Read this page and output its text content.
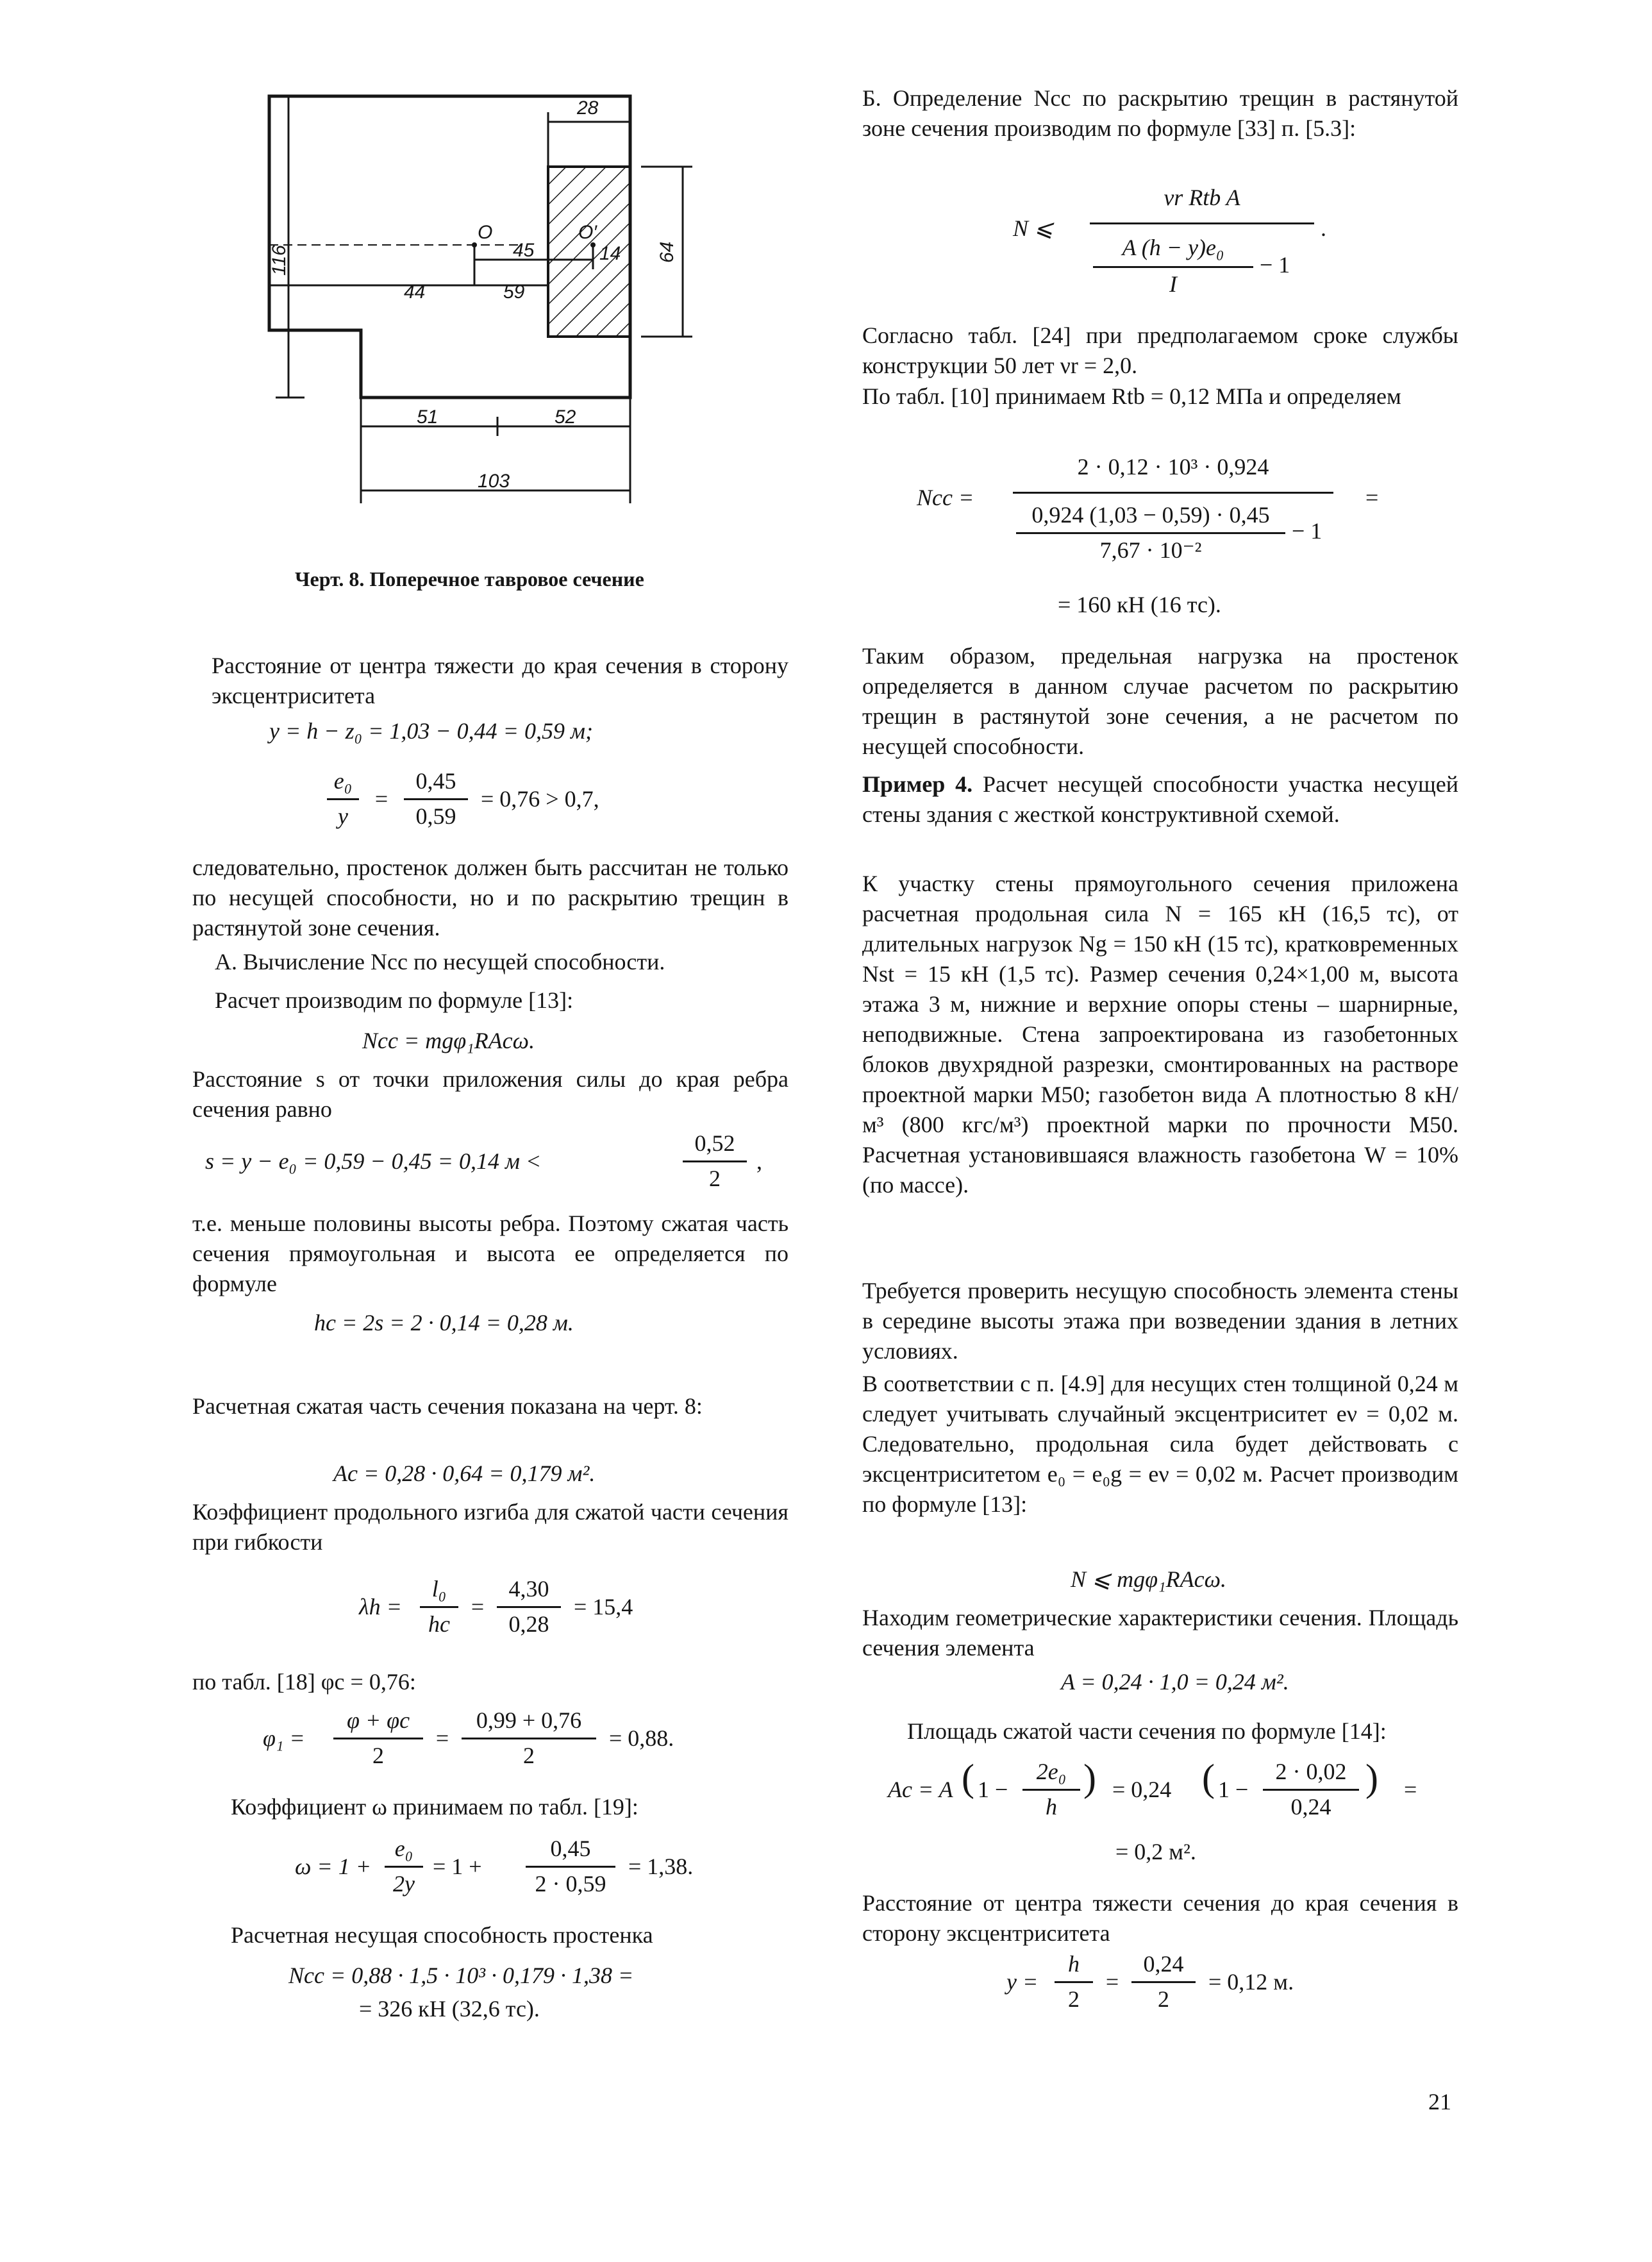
116
28
64
O	O′
45	14
44	59
51	52
103
Черт. 8. Поперечное тавровое сечение
Расстояние от центра тяжести до края сечения в сторону эксцентриситета
y = h − z₀ = 1,03 − 0,44 = 0,59 м;
e₀
y
=
0,45
0,59
= 0,76 > 0,7,
следовательно, простенок должен быть рассчитан не только по несущей способности, но и по раскрытию трещин в растянутой зоне сечения.
А. Вычисление Ncc по несущей способности.
Расчет производим по формуле [13]:
Ncc = mgφ₁RAcω.
Расстояние s от точки приложения силы до края ребра сечения равно
s = y − e₀ = 0,59 − 0,45 = 0,14 м <
0,52
2
,
т.е. меньше половины высоты ребра. Поэтому сжатая часть сечения прямоугольная и высота ее определяется по формуле
hc = 2s = 2 · 0,14 = 0,28 м.
Расчетная сжатая часть сечения показана на черт. 8:
Ac = 0,28 · 0,64 = 0,179 м².
Коэффициент продольного изгиба для сжатой части сечения при гибкости
λh =
l₀
hc
=
4,30
0,28
= 15,4
по табл. [18] φc = 0,76:
φ₁ =
φ + φc
2
=
0,99 + 0,76
2
= 0,88.
Коэффициент ω принимаем по табл. [19]:
ω = 1 +
e₀
2y
= 1 +
0,45
2 · 0,59
= 1,38.
Расчетная несущая способность простенка
Ncc = 0,88 · 1,5 · 10³ · 0,179 · 1,38 =
= 326 кН (32,6 тс).
Б. Определение Ncc по раскрытию трещин в растянутой зоне сечения производим по формуле [33] п. [5.3]:
N ⩽
νr Rtb A
A (h − y)e₀
I
− 1
.
Согласно табл. [24] при предполагаемом сроке службы конструкции 50 лет νr = 2,0.
По табл. [10] принимаем Rtb = 0,12 МПа и определяем
Ncc =
2 · 0,12 · 10³ · 0,924
0,924 (1,03 − 0,59) · 0,45
7,67 · 10⁻²
− 1
=
= 160 кН (16 тс).
Таким образом, предельная нагрузка на простенок определяется в данном случае расчетом по раскрытию трещин в растянутой зоне сечения, а не расчетом по несущей способности.
Пример 4. Расчет несущей способности участка несущей стены здания с жесткой конструктивной схемой.
К участку стены прямоугольного сечения приложена расчетная продольная сила N = 165 кН (16,5 тс), от длительных нагрузок Ng = 150 кН (15 тс), кратковременных Nst = 15 кН (1,5 тс). Размер сечения 0,24×1,00 м, высота этажа 3 м, нижние и верхние опоры стены – шарнирные, неподвижные. Стена запроектирована из газобетонных блоков двухрядной разрезки, смонтированных на растворе проектной марки М50; газобетон вида А плотностью 8 кН/м³ (800 кгс/м³) проектной марки по прочности М50. Расчетная установившаяся влажность газобетона W = 10% (по массе).
Требуется проверить несущую способность элемента стены в середине высоты этажа при возведении здания в летних условиях.
В соответствии с п. [4.9] для несущих стен толщиной 0,24 м следует учитывать случайный эксцентриситет eν = 0,02 м. Следовательно, продольная сила будет действовать с эксцентриситетом e₀ = e₀g = eν = 0,02 м. Расчет производим по формуле [13]:
N ⩽ mgφ₁RAcω.
Находим геометрические характеристики сечения. Площадь сечения элемента
A = 0,24 · 1,0 = 0,24 м².
Площадь сжатой части сечения по формуле [14]:
Ac = A ( 1 −
2e₀
h
) = 0,24 ( 1 −
2 · 0,02
0,24
) =
= 0,2 м².
Расстояние от центра тяжести сечения до края сечения в сторону эксцентриситета
y =
h
2
=
0,24
2
= 0,12 м.
21
